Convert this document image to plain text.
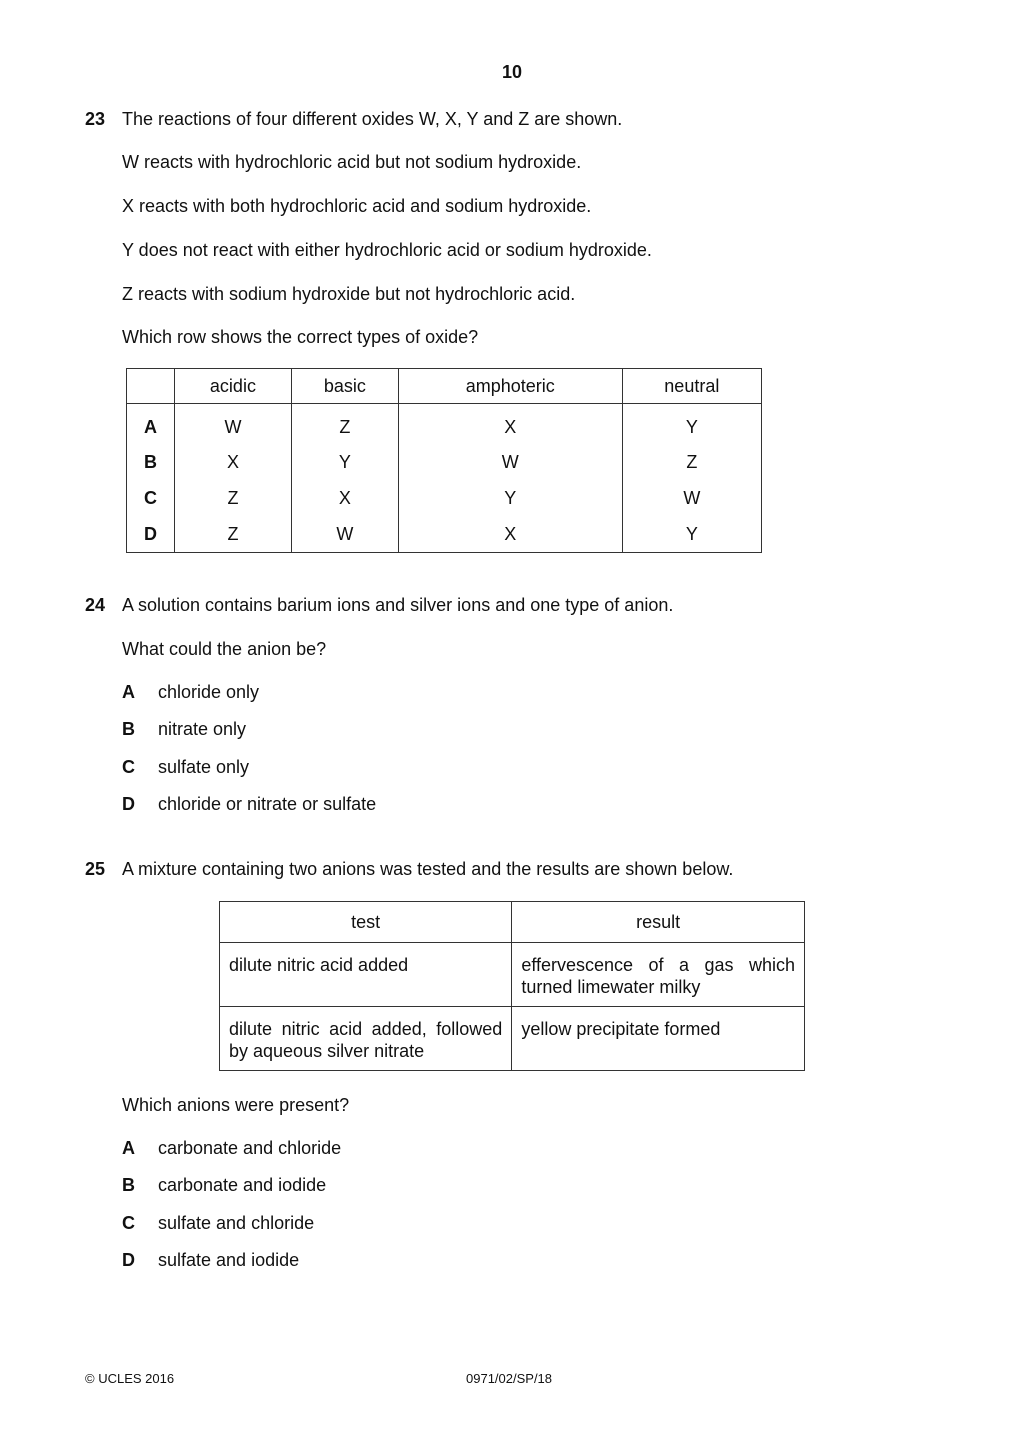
10
23 The reactions of four different oxides W, X, Y and Z are shown.
W reacts with hydrochloric acid but not sodium hydroxide.
X reacts with both hydrochloric acid and sodium hydroxide.
Y does not react with either hydrochloric acid or sodium hydroxide.
Z reacts with sodium hydroxide but not hydrochloric acid.
Which row shows the correct types of oxide?
	acidic	basic	amphoteric	neutral
A	W	Z	X	Y
B	X	Y	W	Z
C	Z	X	Y	W
D	Z	W	X	Y
24 A solution contains barium ions and silver ions and one type of anion.
What could the anion be?
A chloride only
B nitrate only
C sulfate only
D chloride or nitrate or sulfate
25 A mixture containing two anions was tested and the results are shown below.
test	result
dilute nitric acid added	effervescence of a gas which turned limewater milky
dilute nitric acid added, followed by aqueous silver nitrate	yellow precipitate formed
Which anions were present?
A carbonate and chloride
B carbonate and iodide
C sulfate and chloride
D sulfate and iodide
© UCLES 2016	0971/02/SP/18
